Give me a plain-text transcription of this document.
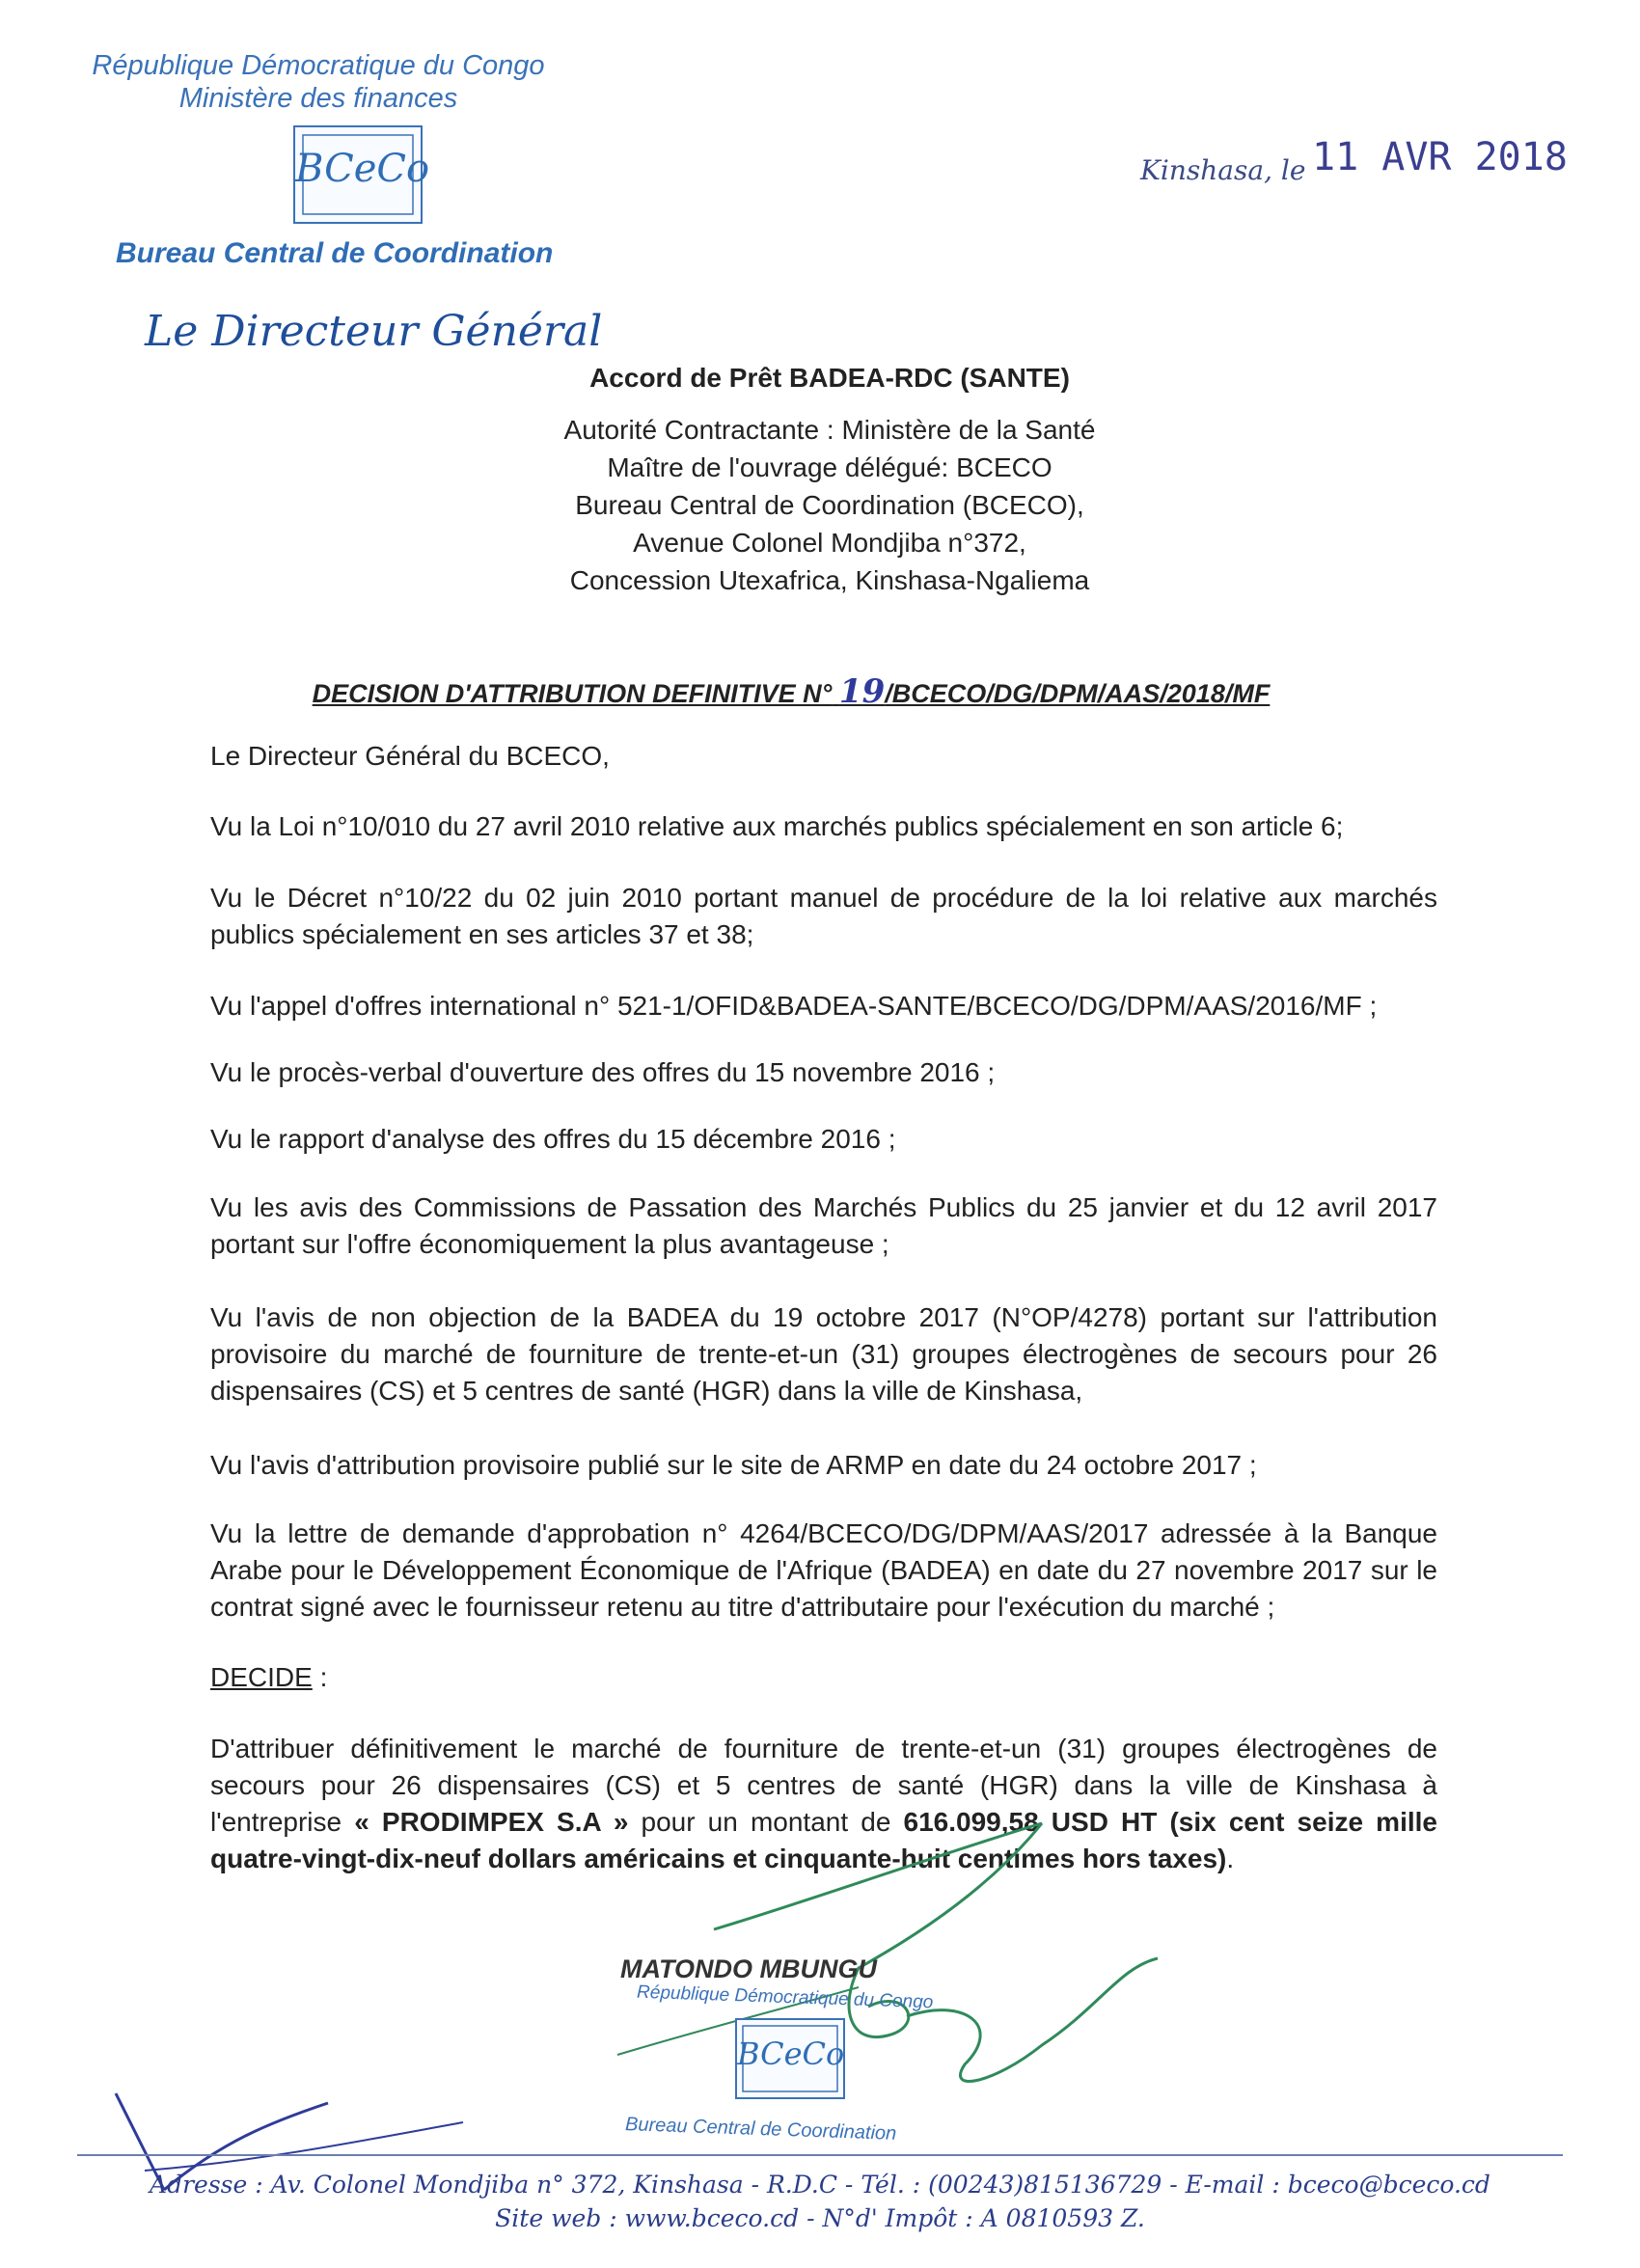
République Démocratique du Congo
Ministère des finances
BCeCo
Bureau Central de Coordination
Le Directeur Général
Kinshasa, le 11 AVR 2018
Accord de Prêt BADEA-RDC (SANTE)
Autorité Contractante : Ministère de la Santé
Maître de l'ouvrage délégué: BCECO
Bureau Central de Coordination (BCECO),
Avenue Colonel Mondjiba n°372,
Concession Utexafrica, Kinshasa-Ngaliema
DECISION D'ATTRIBUTION DEFINITIVE N° 19/BCECO/DG/DPM/AAS/2018/MF
Le Directeur Général du BCECO,
Vu la Loi n°10/010 du 27 avril 2010 relative aux marchés publics spécialement en son article 6;
Vu le Décret n°10/22 du 02 juin 2010 portant manuel de procédure de la loi relative aux marchés publics spécialement en ses articles 37 et 38;
Vu l'appel d'offres international n° 521-1/OFID&BADEA-SANTE/BCECO/DG/DPM/AAS/2016/MF ;
Vu le procès-verbal d'ouverture des offres du 15 novembre 2016 ;
Vu le rapport d'analyse des offres du 15 décembre 2016 ;
Vu les avis des Commissions de Passation des Marchés Publics du 25 janvier et du 12 avril 2017 portant sur l'offre économiquement la plus avantageuse ;
Vu l'avis de non objection de la BADEA du 19 octobre 2017 (N°OP/4278) portant sur l'attribution provisoire du marché de fourniture de trente-et-un (31) groupes électrogènes de secours pour 26 dispensaires (CS) et 5 centres de santé (HGR) dans la ville de Kinshasa,
Vu l'avis d'attribution provisoire publié sur le site de ARMP en date du 24 octobre 2017 ;
Vu la lettre de demande d'approbation n° 4264/BCECO/DG/DPM/AAS/2017 adressée à la Banque Arabe pour le Développement Économique de l'Afrique (BADEA) en date du 27 novembre 2017 sur le contrat signé avec le fournisseur retenu au titre d'attributaire pour l'exécution du marché ;
DECIDE :
D'attribuer définitivement le marché de fourniture de trente-et-un (31) groupes électrogènes de secours pour 26 dispensaires (CS) et 5 centres de santé (HGR) dans la ville de Kinshasa à l'entreprise « PRODIMPEX S.A » pour un montant de 616.099,58 USD HT (six cent seize mille quatre-vingt-dix-neuf dollars américains et cinquante-huit centimes hors taxes).
MATONDO MBUNGU
République Démocratique du Congo
BCeCo
Bureau Central de Coordination
Adresse : Av. Colonel Mondjiba n° 372, Kinshasa - R.D.C - Tél. : (00243)815136729 - E-mail : bceco@bceco.cd
Site web : www.bceco.cd - N°d' Impôt : A 0810593 Z.
